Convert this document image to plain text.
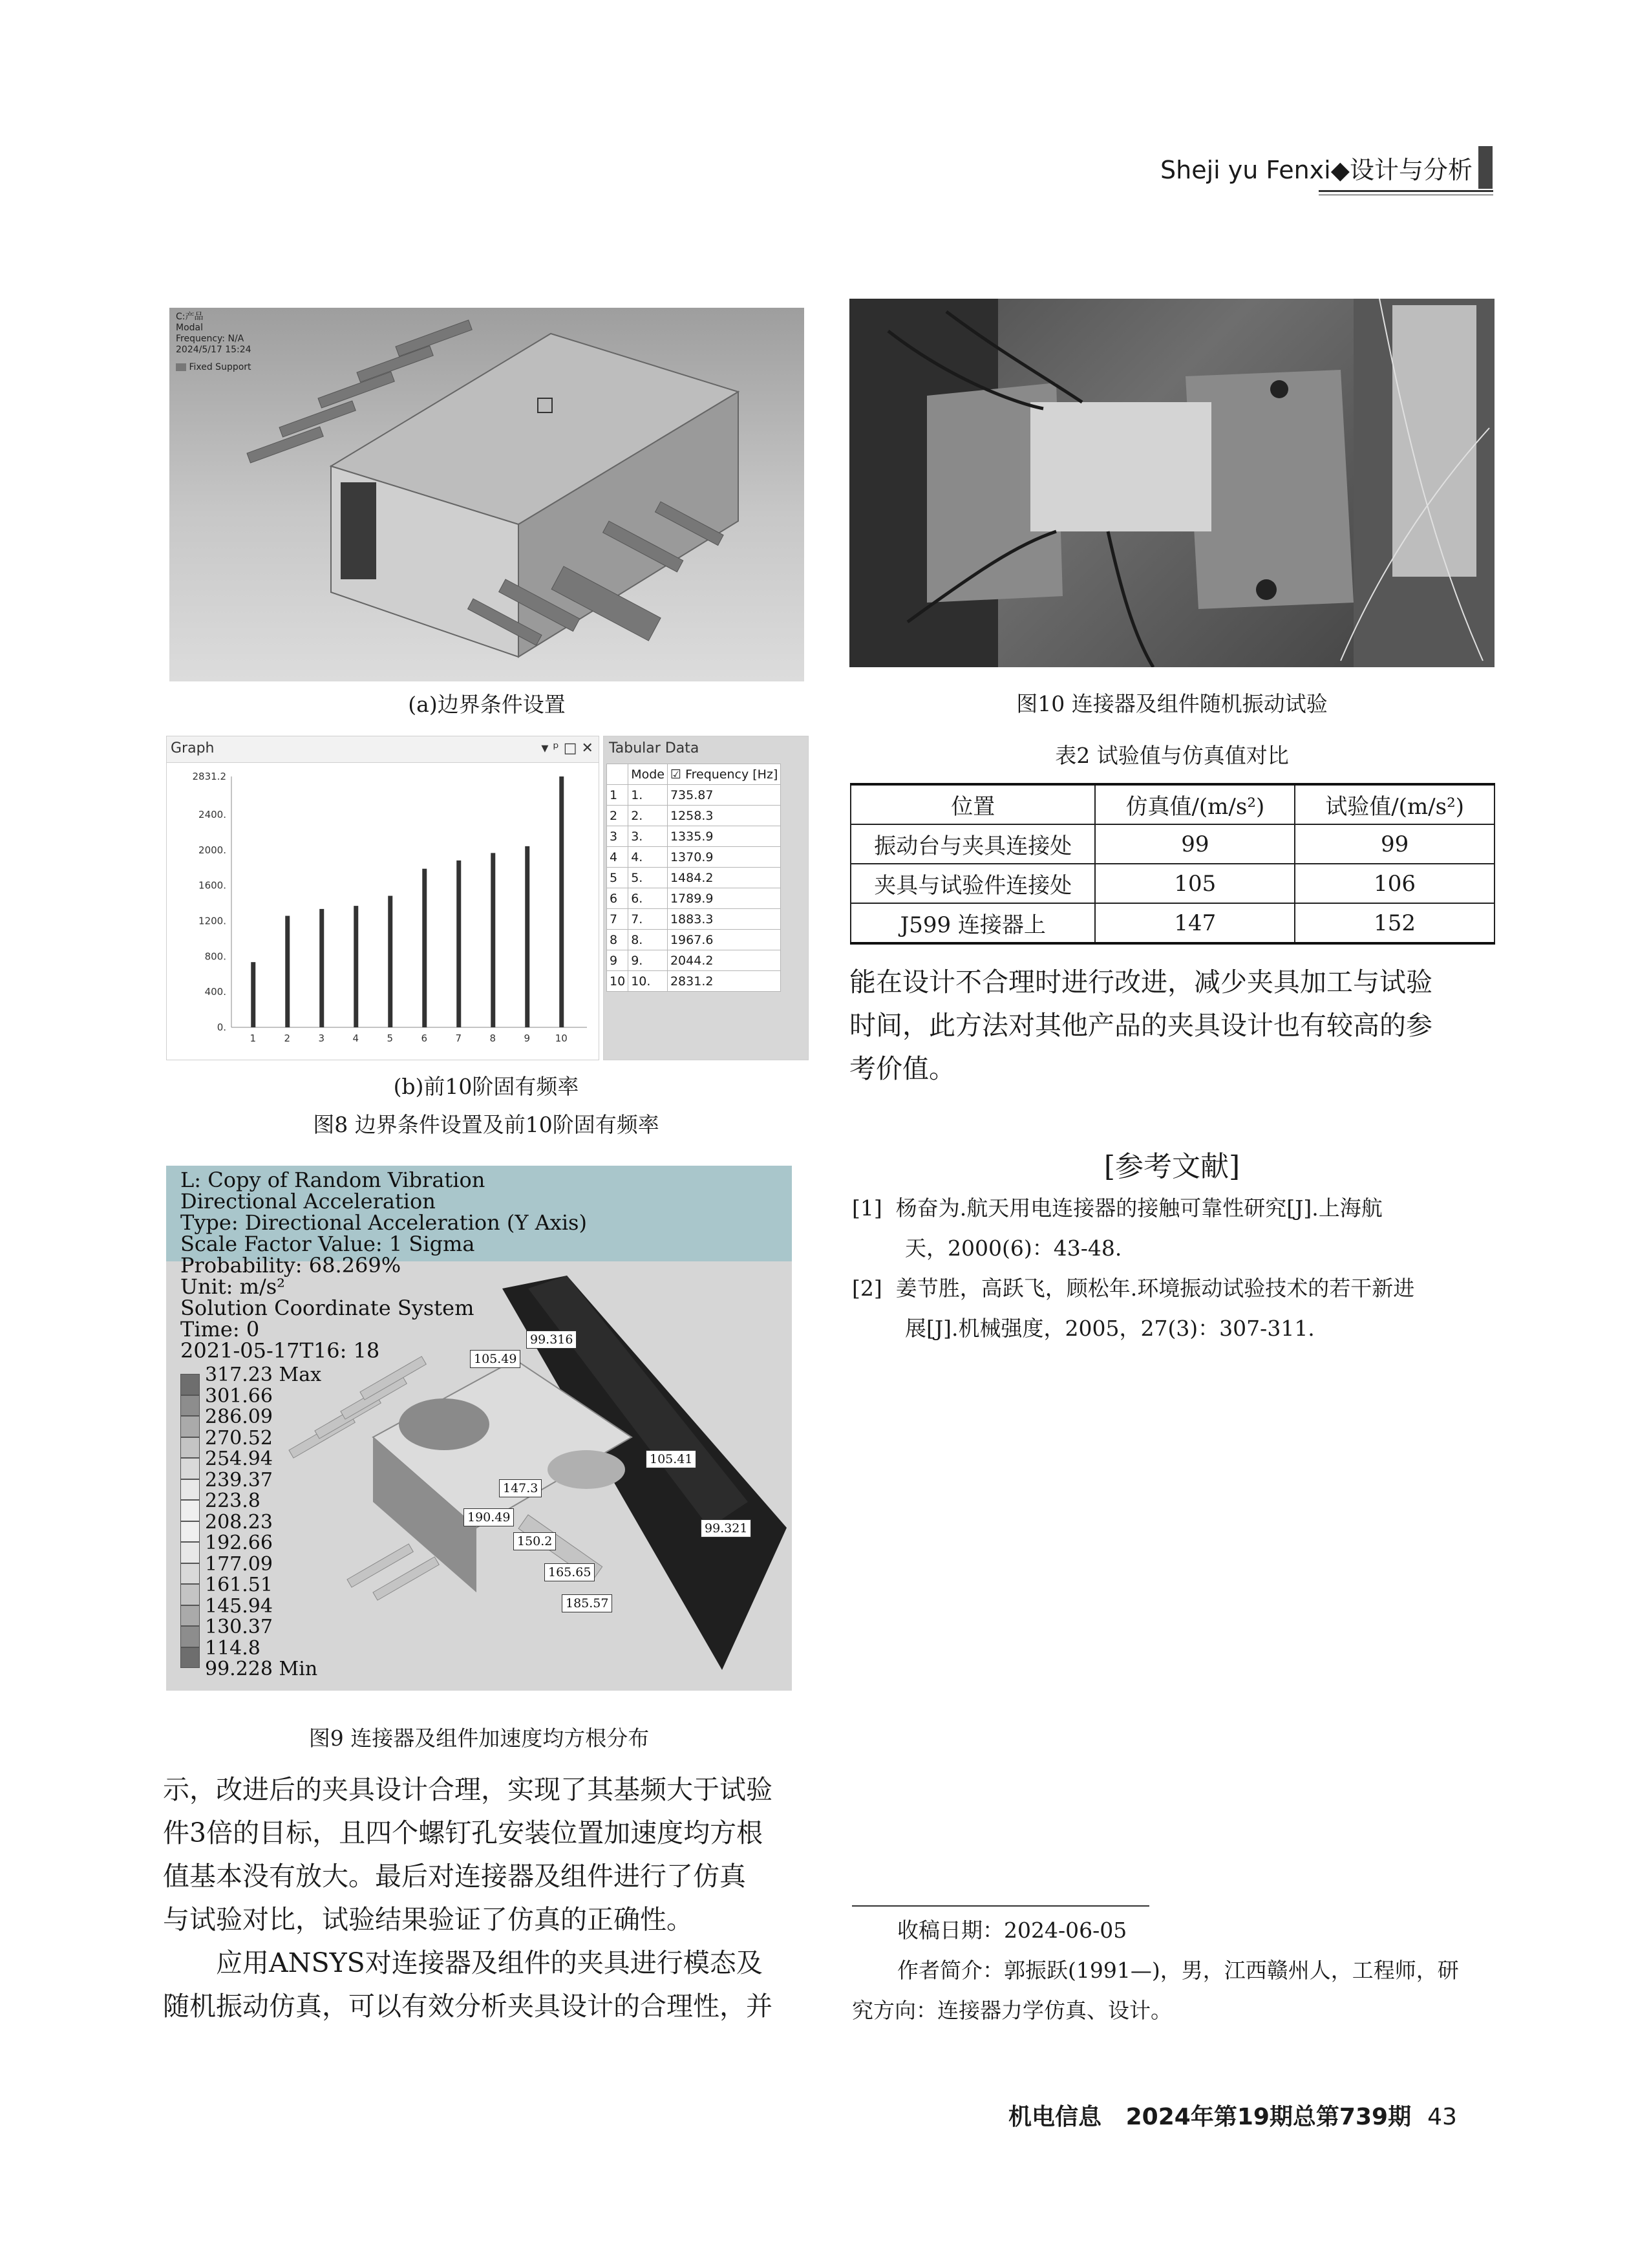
Sheji yu Fenxi◆设计与分析
C:产品
Modal
Frequency: N/A
2024/5/17 15:24
Fixed Support
(a)边界条件设置
Graph	▾ ᵖ □ ✕
0.
400.
800.
1200.
1600.
2000.
2400.
2831.2
1	2	3	4	5	6	7	8	9	10
Tabular Data
	Mode	☑ Frequency [Hz]
1	1.	735.87
2	2.	1258.3
3	3.	1335.9
4	4.	1370.9
5	5.	1484.2
6	6.	1789.9
7	7.	1883.3
8	8.	1967.6
9	9.	2044.2
10	10.	2831.2
(b)前10阶固有频率
图8 边界条件设置及前10阶固有频率
L: Copy of Random Vibration
Directional Acceleration
Type: Directional Acceleration (Y Axis)
Scale Factor Value: 1 Sigma
Probability: 68.269%
Unit: m/s²
Solution Coordinate System
Time: 0
2021-05-17T16: 18
317.23 Max
301.66
286.09
270.52
254.94
239.37
223.8
208.23
192.66
177.09
161.51
145.94
130.37
114.8
99.228 Min
99.316
105.49
105.41
147.3
190.49
99.321
150.2
165.65
185.57
图9 连接器及组件加速度均方根分布
示，改进后的夹具设计合理，实现了其基频大于试验
件3倍的目标，且四个螺钉孔安装位置加速度均方根
值基本没有放大。最后对连接器及组件进行了仿真
与试验对比，试验结果验证了仿真的正确性。
应用ANSYS对连接器及组件的夹具进行模态及
随机振动仿真，可以有效分析夹具设计的合理性，并
图10 连接器及组件随机振动试验
表2 试验值与仿真值对比
位置	仿真值/(m/s²)	试验值/(m/s²)
振动台与夹具连接处	99	99
夹具与试验件连接处	105	106
J599 连接器上	147	152
能在设计不合理时进行改进，减少夹具加工与试验
时间，此方法对其他产品的夹具设计也有较高的参
考价值。
[参考文献]
[1] 杨奋为.航天用电连接器的接触可靠性研究[J].上海航
天，2000(6)：43-48.
[2] 姜节胜，高跃飞，顾松年.环境振动试验技术的若干新进
展[J].机械强度，2005，27(3)：307-311.
收稿日期：2024-06-05
作者简介：郭振跃(1991—)，男，江西赣州人，工程师，研
究方向：连接器力学仿真、设计。
机电信息 2024年第19期总第739期 43
